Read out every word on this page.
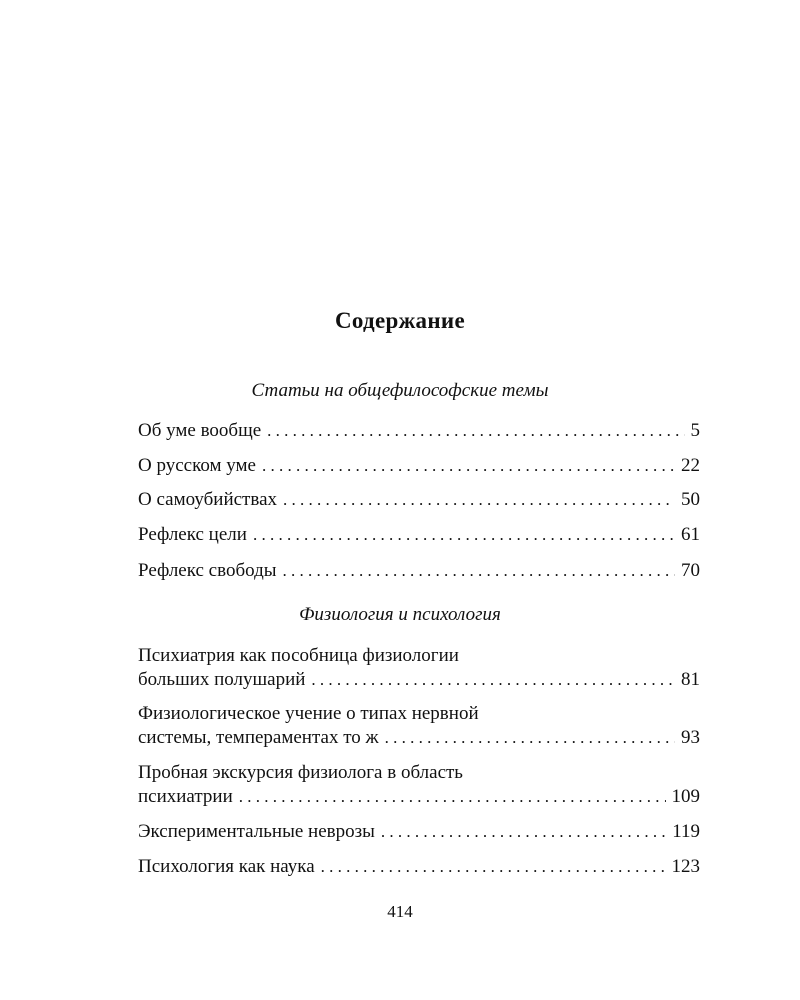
Содержание
Статьи на общефилософские темы
Об уме вообще . . .	5
О русском уме . . .	22
О самоубийствах . . .	50
Рефлекс цели . . .	61
Рефлекс свободы . . .	70
Физиология и психология
Психиатрия как пособница физиологии
больших полушарий . . .	81
Физиологическое учение о типах нервной
системы, темпераментах то ж . . .	93
Пробная экскурсия физиолога в область
психиатрии . . .	109
Экспериментальные неврозы . . .	119
Психология как наука . . .	123
414
